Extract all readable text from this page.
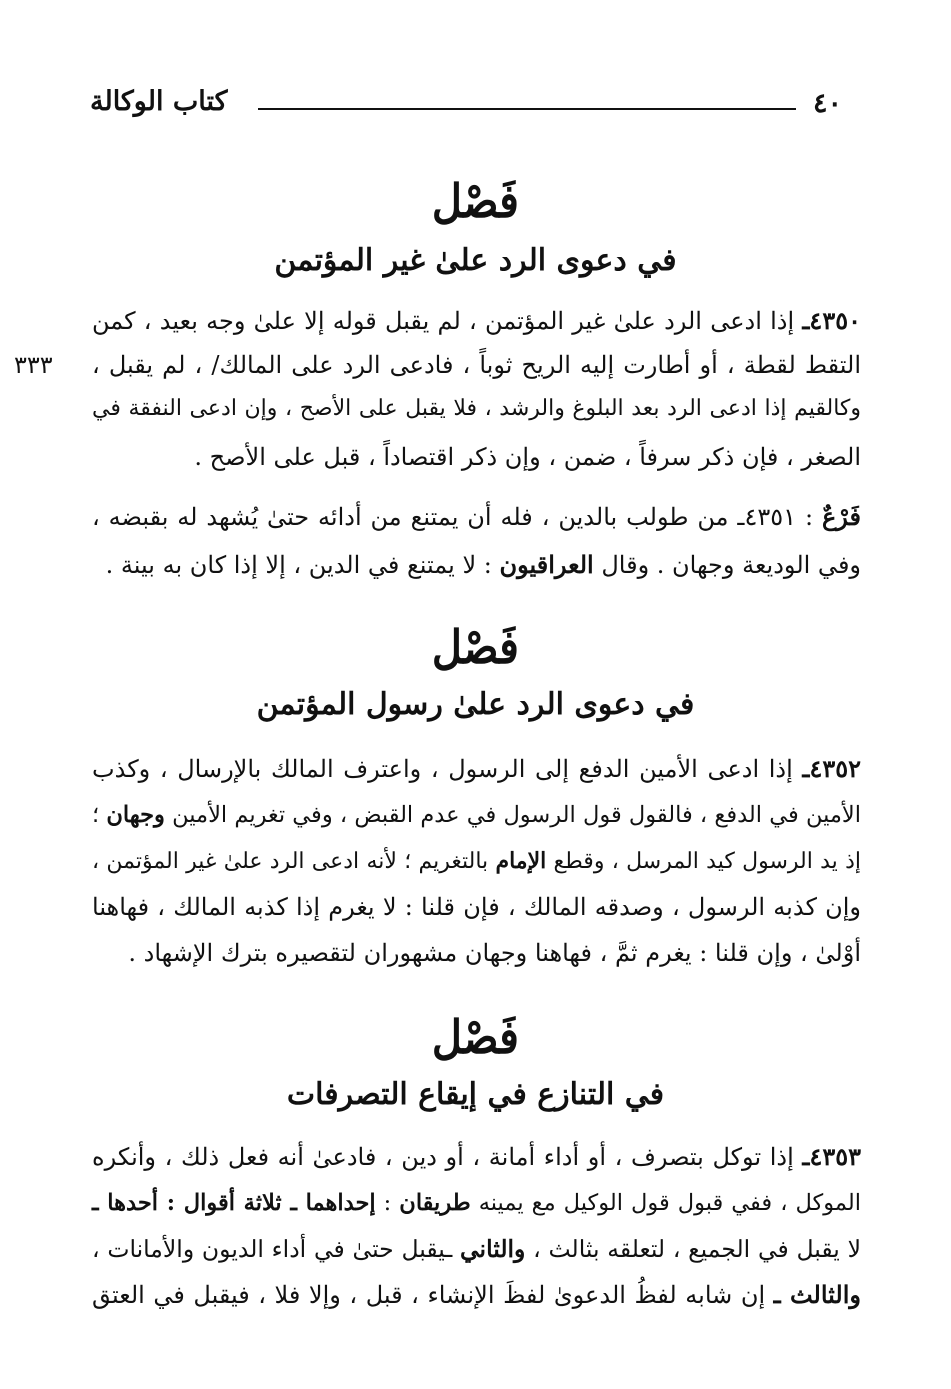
٤٠
كتاب الوكالة
فَصْل
في دعوى الرد علىٰ غير المؤتمن
٤٣٥٠ـ إذا ادعى الرد علىٰ غير المؤتمن ، لم يقبل قوله إلا علىٰ وجه بعيد ، كمن
التقط لقطة ، أو أطارت إليه الريح ثوباً ، فادعى الرد على المالك/ ، لم يقبل ،
٣٣٣
وكالقيم إذا ادعى الرد بعد البلوغ والرشد ، فلا يقبل على الأصح ، وإن ادعى النفقة في
الصغر ، فإن ذكر سرفاً ، ضمن ، وإن ذكر اقتصاداً ، قبل على الأصح .
فَرْعٌ : ٤٣٥١ـ من طولب بالدين ، فله أن يمتنع من أدائه حتىٰ يُشهد له بقبضه ،
وفي الوديعة وجهان . وقال العراقيون : لا يمتنع في الدين ، إلا إذا كان به بينة .
فَصْل
في دعوى الرد علىٰ رسول المؤتمن
٤٣٥٢ـ إذا ادعى الأمين الدفع إلى الرسول ، واعترف المالك بالإرسال ، وكذب
الأمين في الدفع ، فالقول قول الرسول في عدم القبض ، وفي تغريم الأمين وجهان ؛
إذ يد الرسول كيد المرسل ، وقطع الإمام بالتغريم ؛ لأنه ادعى الرد علىٰ غير المؤتمن ،
وإن كذبه الرسول ، وصدقه المالك ، فإن قلنا : لا يغرم إذا كذبه المالك ، فهاهنا
أوْلىٰ ، وإن قلنا : يغرم ثمَّ ، فهاهنا وجهان مشهوران لتقصيره بترك الإشهاد .
فَصْل
في التنازع في إيقاع التصرفات
٤٣٥٣ـ إذا توكل بتصرف ، أو أداء أمانة ، أو دين ، فادعىٰ أنه فعل ذلك ، وأنكره
الموكل ، ففي قبول قول الوكيل مع يمينه طريقان : إحداهما ـ ثلاثة أقوال : أحدها ـ
لا يقبل في الجميع ، لتعلقه بثالث ، والثاني ـيقبل حتىٰ في أداء الديون والأمانات ،
والثالث ـ إن شابه لفظُ الدعوىٰ لفظَ الإنشاء ، قبل ، وإلا فلا ، فيقبل في العتق
